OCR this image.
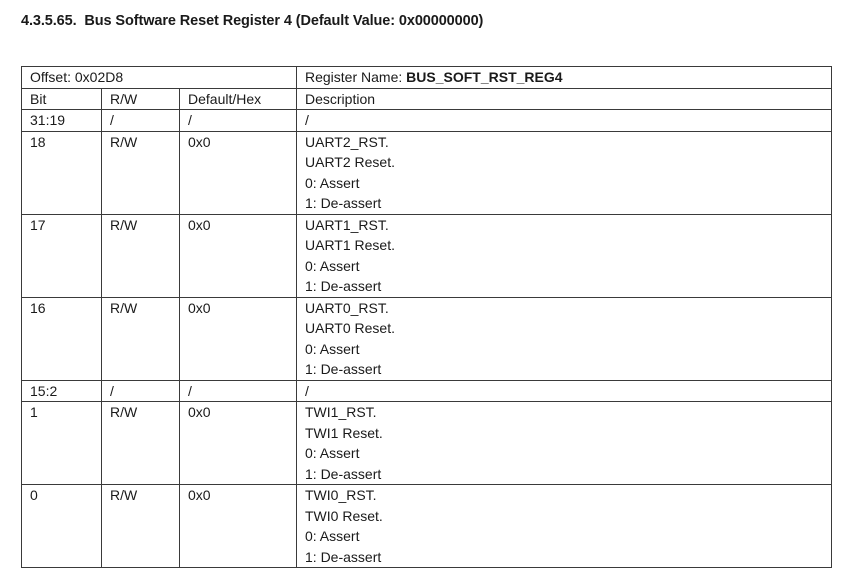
4.3.5.65. Bus Software Reset Register 4 (Default Value: 0x00000000)
Offset: 0x02D8			Register Name: BUS_SOFT_RST_REG4
Bit	R/W	Default/Hex	Description
31:19	/	/	/

18	R/W	0x0	UART2_RST.
UART2 Reset.
0: Assert
1: De-assert

17	R/W	0x0	UART1_RST.
UART1 Reset.
0: Assert
1: De-assert

16	R/W	0x0	UART0_RST.
UART0 Reset.
0: Assert
1: De-assert

15:2	/	/	/

1	R/W	0x0	TWI1_RST.
TWI1 Reset.
0: Assert
1: De-assert

0	R/W	0x0	TWI0_RST.
TWI0 Reset.
0: Assert
1: De-assert
